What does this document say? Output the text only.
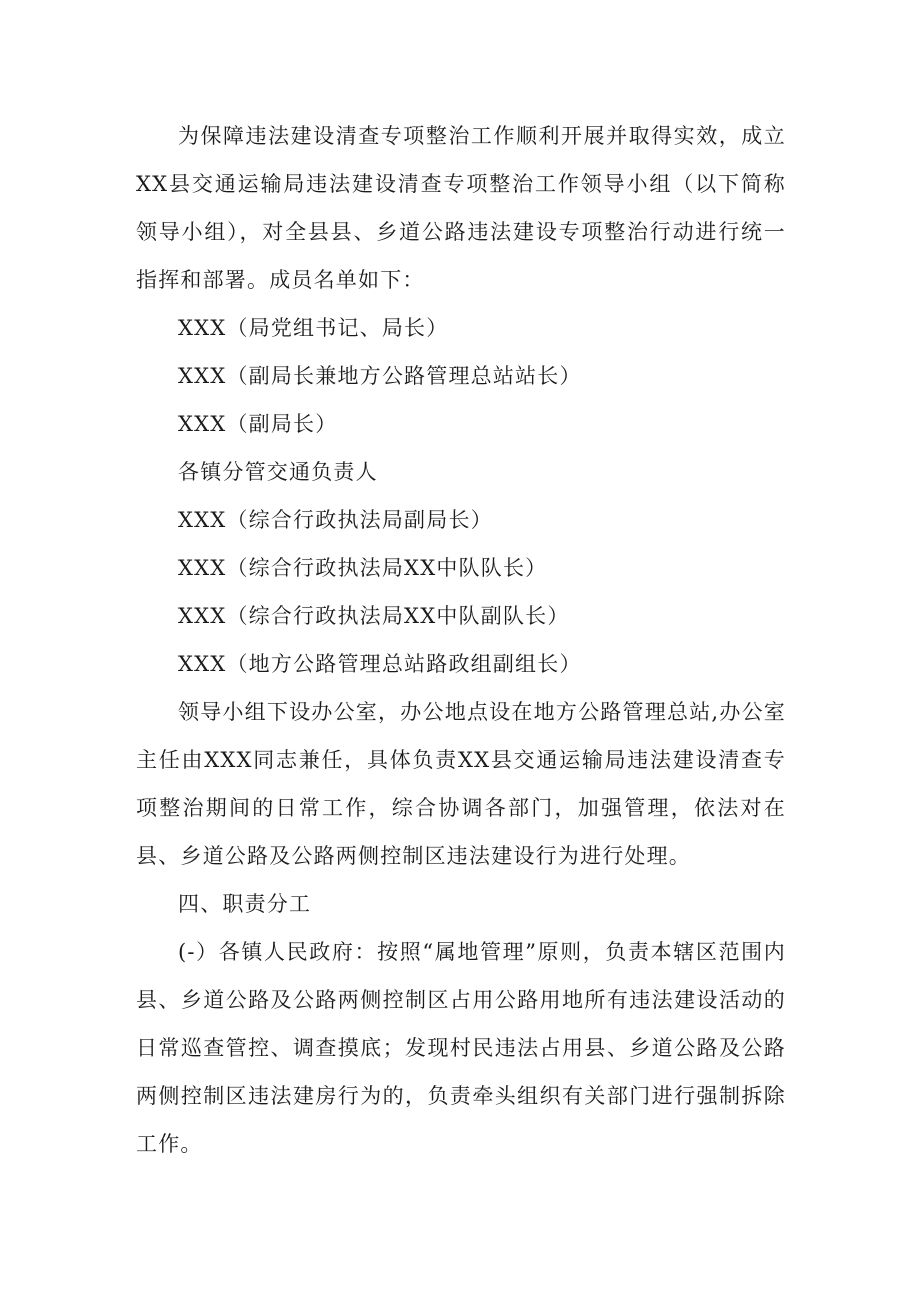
为保障违法建设清查专项整治工作顺利开展并取得实效，成立XX县交通运输局违法建设清查专项整治工作领导小组（以下简称领导小组），对全县县、乡道公路违法建设专项整治行动进行统一指挥和部署。成员名单如下：

XXX（局党组书记、局长）

XXX（副局长兼地方公路管理总站站长）

XXX（副局长）

各镇分管交通负责人

XXX（综合行政执法局副局长）

XXX（综合行政执法局XX中队队长）

XXX（综合行政执法局XX中队副队长）

XXX（地方公路管理总站路政组副组长）

领导小组下设办公室，办公地点设在地方公路管理总站,办公室主任由XXX同志兼任，具体负责XX县交通运输局违法建设清查专项整治期间的日常工作，综合协调各部门，加强管理，依法对在县、乡道公路及公路两侧控制区违法建设行为进行处理。

四、职责分工

(-）各镇人民政府：按照“属地管理”原则，负责本辖区范围内县、乡道公路及公路两侧控制区占用公路用地所有违法建设活动的日常巡查管控、调查摸底；发现村民违法占用县、乡道公路及公路两侧控制区违法建房行为的，负责牵头组织有关部门进行强制拆除工作。
